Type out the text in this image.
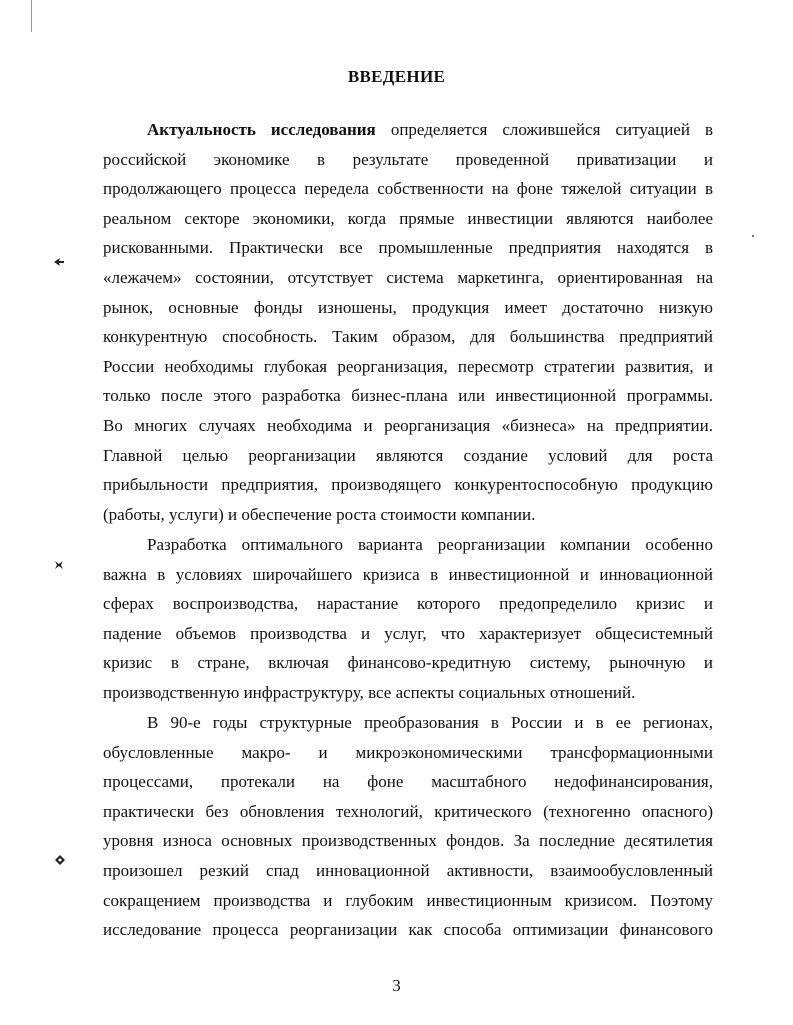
ВВЕДЕНИЕ
Актуальность исследования определяется сложившейся ситуацией в
российской экономике в результате проведенной приватизации и
продолжающего процесса передела собственности на фоне тяжелой ситуации в
реальном секторе экономики, когда прямые инвестиции являются наиболее
рискованными. Практически все промышленные предприятия находятся в
«лежачем» состоянии, отсутствует система маркетинга, ориентированная на
рынок, основные фонды изношены, продукция имеет достаточно низкую
конкурентную способность. Таким образом, для большинства предприятий
России необходимы глубокая реорганизация, пересмотр стратегии развития, и
только после этого разработка бизнес-плана или инвестиционной программы.
Во многих случаях необходима и реорганизация «бизнеса» на предприятии.
Главной целью реорганизации являются создание условий для роста
прибыльности предприятия, производящего конкурентоспособную продукцию
(работы, услуги) и обеспечение роста стоимости компании.
Разработка оптимального варианта реорганизации компании особенно
важна в условиях широчайшего кризиса в инвестиционной и инновационной
сферах воспроизводства, нарастание которого предопределило кризис и
падение объемов производства и услуг, что характеризует общесистемный
кризис в стране, включая финансово-кредитную систему, рыночную и
производственную инфраструктуру, все аспекты социальных отношений.
В 90-е годы структурные преобразования в России и в ее регионах,
обусловленные макро- и микроэкономическими трансформационными
процессами, протекали на фоне масштабного недофинансирования,
практически без обновления технологий, критического (техногенно опасного)
уровня износа основных производственных фондов. За последние десятилетия
произошел резкий спад инновационной активности, взаимообусловленный
сокращением производства и глубоким инвестиционным кризисом. Поэтому
исследование процесса реорганизации как способа оптимизации финансового
3
